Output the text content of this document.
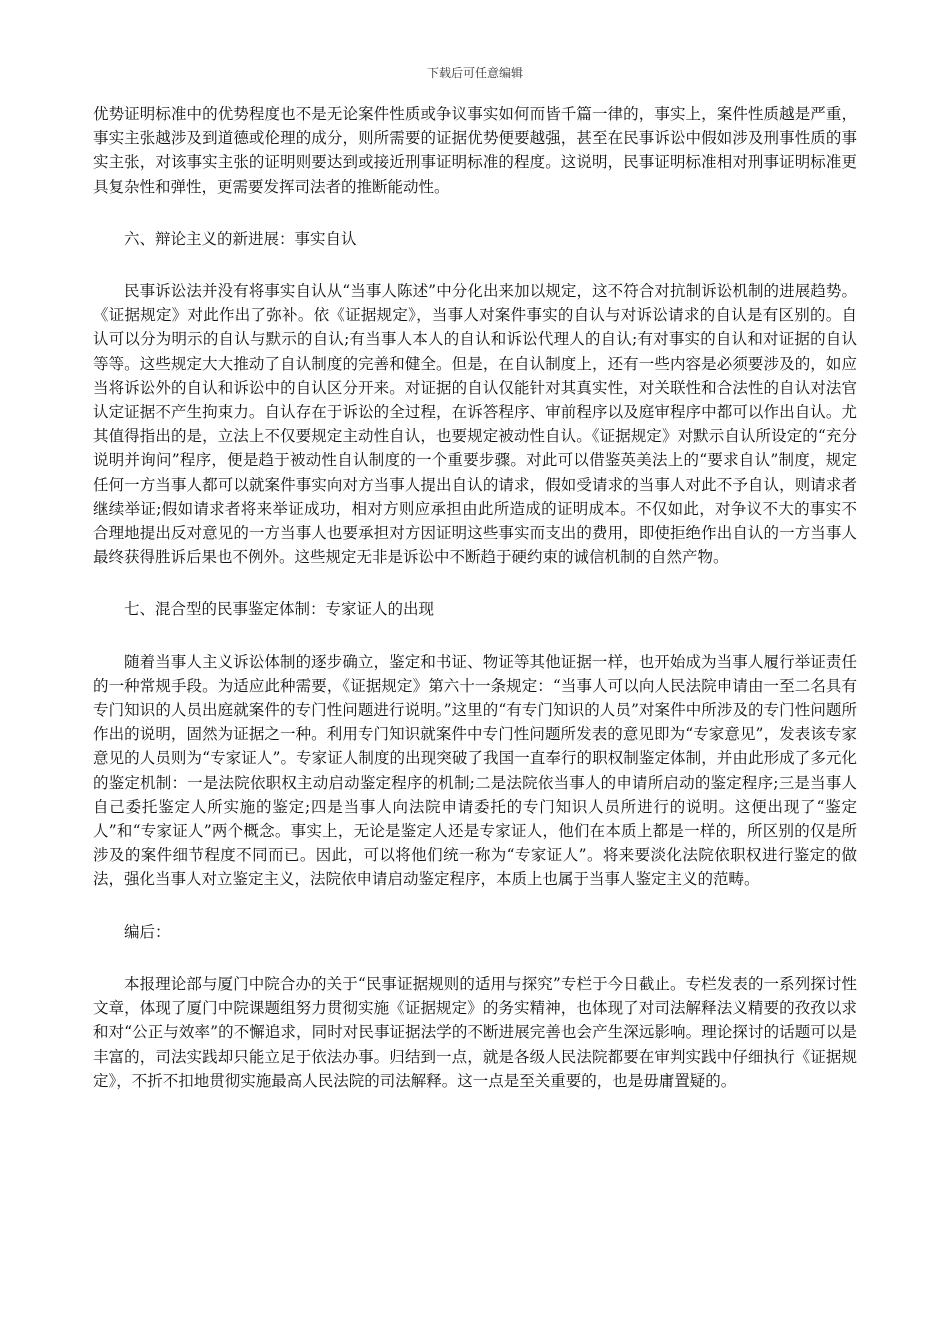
下载后可任意编辑

优势证明标准中的优势程度也不是无论案件性质或争议事实如何而皆千篇一律的，事实上，案件性质越是严重，事实主张越涉及到道德或伦理的成分，则所需要的证据优势便要越强，甚至在民事诉讼中假如涉及刑事性质的事实主张，对该事实主张的证明则要达到或接近刑事证明标准的程度。这说明，民事证明标准相对刑事证明标准更具复杂性和弹性，更需要发挥司法者的推断能动性。

六、辩论主义的新进展：事实自认

民事诉讼法并没有将事实自认从“当事人陈述”中分化出来加以规定，这不符合对抗制诉讼机制的进展趋势。《证据规定》对此作出了弥补。依《证据规定》，当事人对案件事实的自认与对诉讼请求的自认是有区别的。自认可以分为明示的自认与默示的自认;有当事人本人的自认和诉讼代理人的自认;有对事实的自认和对证据的自认等等。这些规定大大推动了自认制度的完善和健全。但是，在自认制度上，还有一些内容是必须要涉及的，如应当将诉讼外的自认和诉讼中的自认区分开来。对证据的自认仅能针对其真实性，对关联性和合法性的自认对法官认定证据不产生拘束力。自认存在于诉讼的全过程，在诉答程序、审前程序以及庭审程序中都可以作出自认。尤其值得指出的是，立法上不仅要规定主动性自认，也要规定被动性自认。《证据规定》对默示自认所设定的“充分说明并询问”程序，便是趋于被动性自认制度的一个重要步骤。对此可以借鉴英美法上的“要求自认”制度，规定任何一方当事人都可以就案件事实向对方当事人提出自认的请求，假如受请求的当事人对此不予自认，则请求者继续举证;假如请求者将来举证成功，相对方则应承担由此所造成的证明成本。不仅如此，对争议不大的事实不合理地提出反对意见的一方当事人也要承担对方因证明这些事实而支出的费用，即使拒绝作出自认的一方当事人最终获得胜诉后果也不例外。这些规定无非是诉讼中不断趋于硬约束的诚信机制的自然产物。

七、混合型的民事鉴定体制：专家证人的出现

随着当事人主义诉讼体制的逐步确立，鉴定和书证、物证等其他证据一样，也开始成为当事人履行举证责任的一种常规手段。为适应此种需要，《证据规定》第六十一条规定：“当事人可以向人民法院申请由一至二名具有专门知识的人员出庭就案件的专门性问题进行说明。”这里的“有专门知识的人员”对案件中所涉及的专门性问题所作出的说明，固然为证据之一种。利用专门知识就案件中专门性问题所发表的意见即为“专家意见”，发表该专家意见的人员则为“专家证人”。专家证人制度的出现突破了我国一直奉行的职权制鉴定体制，并由此形成了多元化的鉴定机制：一是法院依职权主动启动鉴定程序的机制;二是法院依当事人的申请所启动的鉴定程序;三是当事人自己委托鉴定人所实施的鉴定;四是当事人向法院申请委托的专门知识人员所进行的说明。这便出现了“鉴定人”和“专家证人”两个概念。事实上，无论是鉴定人还是专家证人，他们在本质上都是一样的，所区别的仅是所涉及的案件细节程度不同而已。因此，可以将他们统一称为“专家证人”。将来要淡化法院依职权进行鉴定的做法，强化当事人对立鉴定主义，法院依申请启动鉴定程序，本质上也属于当事人鉴定主义的范畴。

编后：

本报理论部与厦门中院合办的关于“民事证据规则的适用与探究”专栏于今日截止。专栏发表的一系列探讨性文章，体现了厦门中院课题组努力贯彻实施《证据规定》的务实精神，也体现了对司法解释法义精要的孜孜以求和对“公正与效率”的不懈追求，同时对民事证据法学的不断进展完善也会产生深远影响。理论探讨的话题可以是丰富的，司法实践却只能立足于依法办事。归结到一点，就是各级人民法院都要在审判实践中仔细执行《证据规定》，不折不扣地贯彻实施最高人民法院的司法解释。这一点是至关重要的，也是毋庸置疑的。
